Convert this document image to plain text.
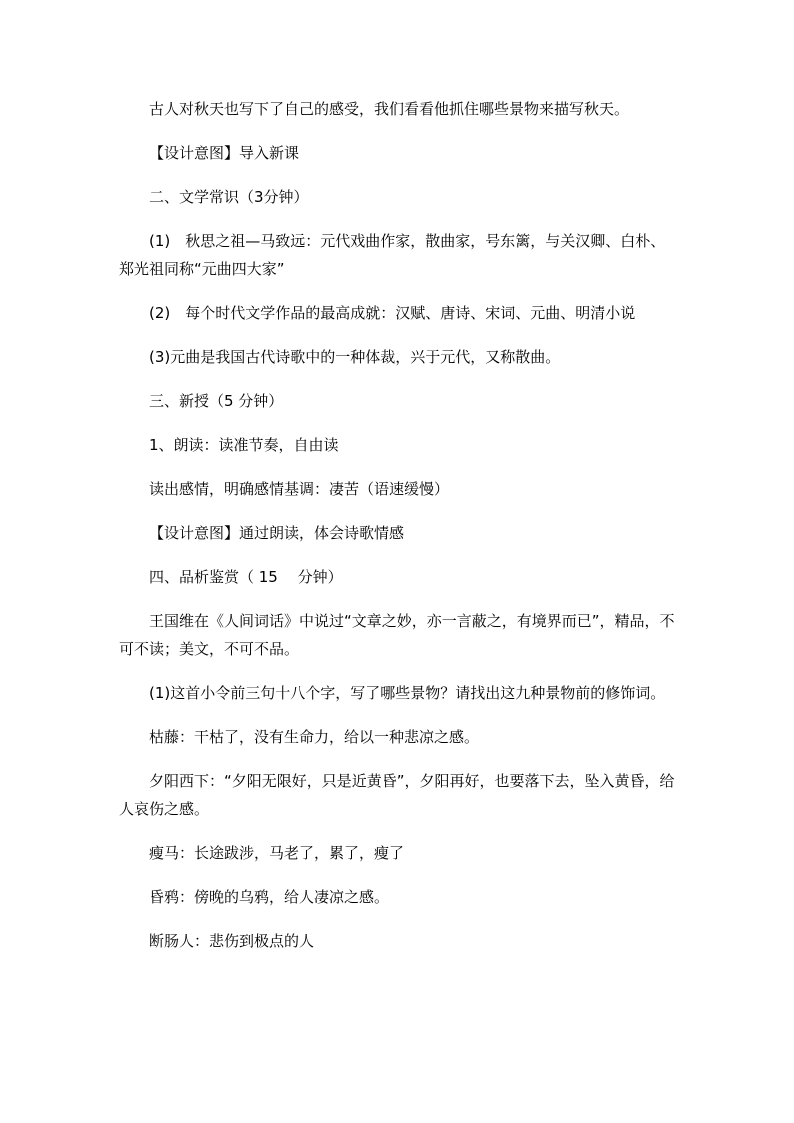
古人对秋天也写下了自己的感受，我们看看他抓住哪些景物来描写秋天。

【设计意图】导入新课

二、文学常识（3分钟）

(1)　秋思之祖—马致远：元代戏曲作家，散曲家，号东篱，与关汉卿、白朴、郑光祖同称“元曲四大家”

(2)　每个时代文学作品的最高成就：汉赋、唐诗、宋词、元曲、明清小说

(3)元曲是我国古代诗歌中的一种体裁，兴于元代，又称散曲。

三、新授（5 分钟）

1、朗读：读准节奏，自由读

读出感情，明确感情基调：凄苦（语速缓慢）

【设计意图】通过朗读，体会诗歌情感

四、品析鉴赏（ 15　 分钟）

王国维在《人间词话》中说过“文章之妙，亦一言蔽之，有境界而已”，精品，不可不读；美文，不可不品。

(1)这首小令前三句十八个字，写了哪些景物？请找出这九种景物前的修饰词。

枯藤：干枯了，没有生命力，给以一种悲凉之感。

夕阳西下：“夕阳无限好，只是近黄昏”，夕阳再好，也要落下去，坠入黄昏，给人哀伤之感。

瘦马：长途跋涉，马老了，累了，瘦了

昏鸦：傍晚的乌鸦，给人凄凉之感。

断肠人：悲伤到极点的人
